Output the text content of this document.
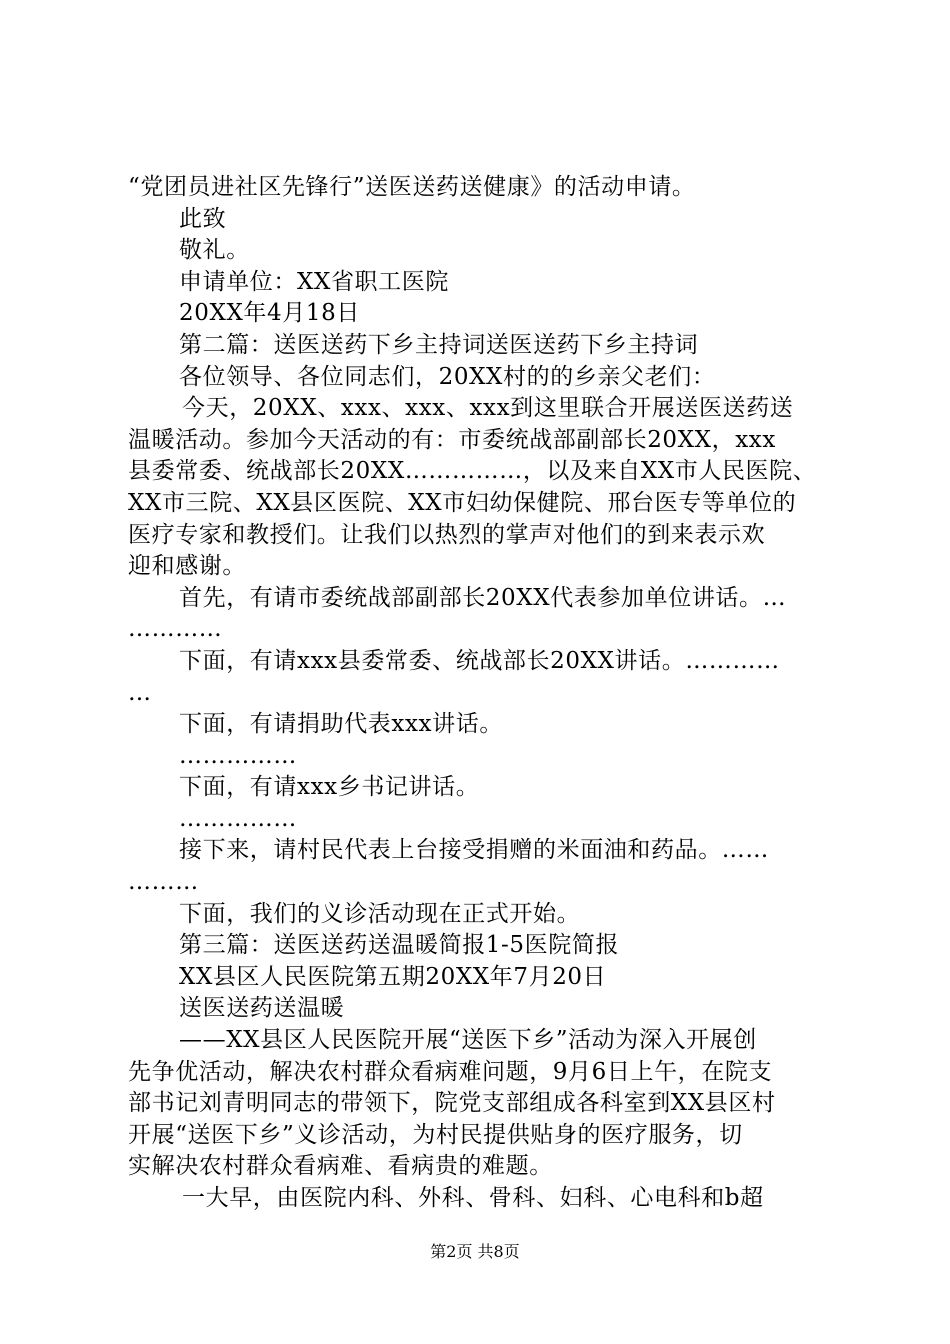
“党团员进社区先锋行”送医送药送健康》的活动申请。
此致
敬礼。
申请单位：XX省职工医院
20XX年4月18日
第二篇：送医送药下乡主持词送医送药下乡主持词
各位领导、各位同志们，20XX村的的乡亲父老们：
今天，20XX、xxx、xxx、xxx到这里联合开展送医送药送
温暖活动。参加今天活动的有：市委统战部副部长20XX，xxx
县委常委、统战部长20XX……………，以及来自XX市人民医院、
XX市三院、XX县区医院、XX市妇幼保健院、邢台医专等单位的
医疗专家和教授们。让我们以热烈的掌声对他们的到来表示欢
迎和感谢。
首先，有请市委统战部副部长20XX代表参加单位讲话。…
…………
下面，有请xxx县委常委、统战部长20XX讲话。…………
…
下面，有请捐助代表xxx讲话。
……………
下面，有请xxx乡书记讲话。
……………
接下来，请村民代表上台接受捐赠的米面油和药品。……
………
下面，我们的义诊活动现在正式开始。
第三篇：送医送药送温暖简报1-5医院简报
XX县区人民医院第五期20XX年7月20日
送医送药送温暖
——XX县区人民医院开展“送医下乡”活动为深入开展创
先争优活动，解决农村群众看病难问题，9月6日上午，在院支
部书记刘青明同志的带领下，院党支部组成各科室到XX县区村
开展“送医下乡”义诊活动，为村民提供贴身的医疗服务，切
实解决农村群众看病难、看病贵的难题。
一大早，由医院内科、外科、骨科、妇科、心电科和b超
第2页 共8页
